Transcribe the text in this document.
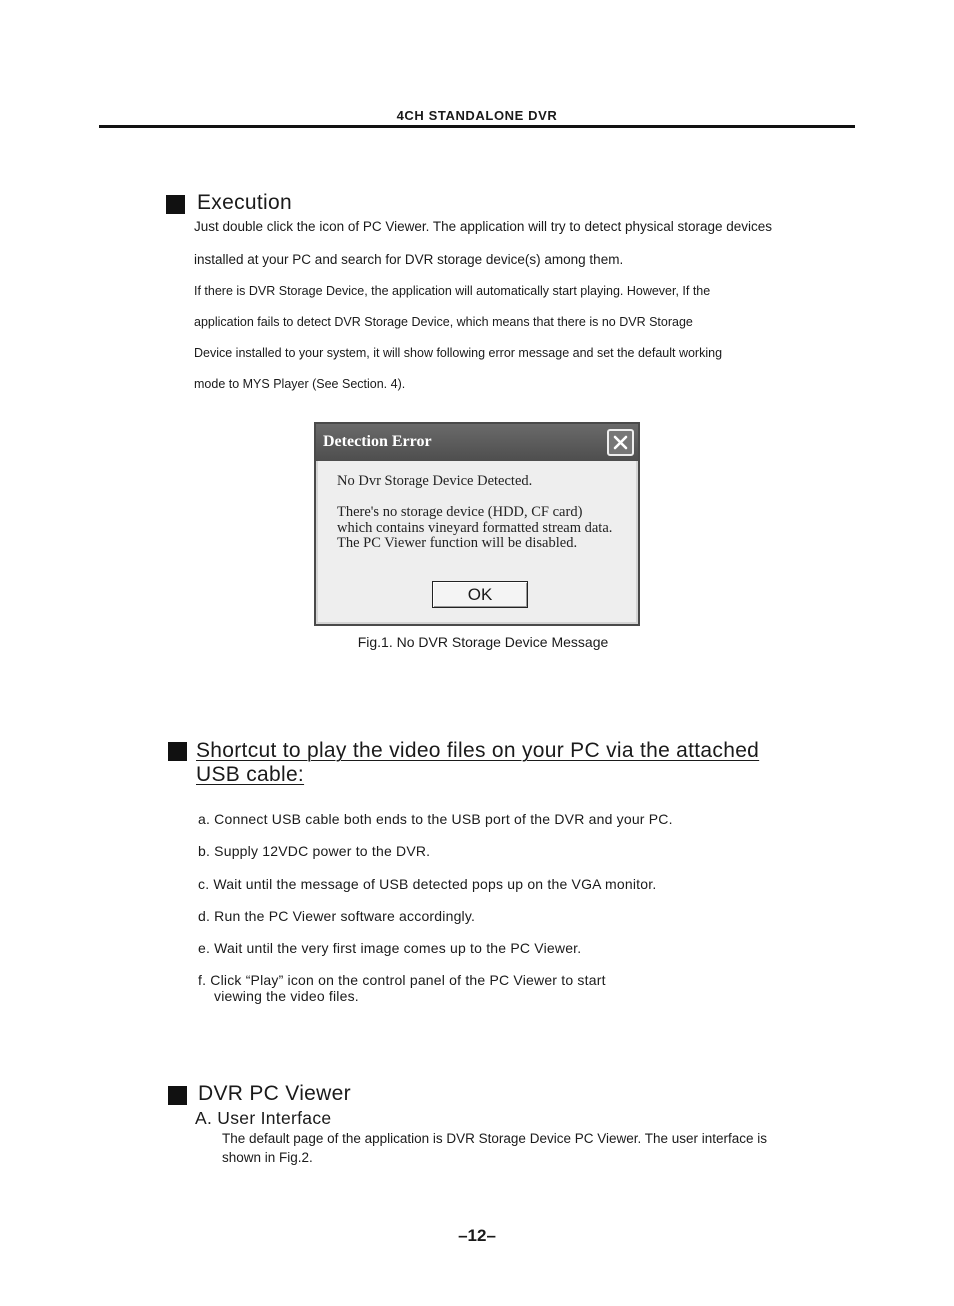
4CH STANDALONE DVR
Execution
Just double click the icon of PC Viewer. The application will try to detect physical storage devices
installed at your PC and search for DVR storage device(s) among them.
If there is DVR Storage Device, the application will automatically start playing. However, If the
application fails to detect DVR Storage Device, which means that there is no DVR Storage
Device installed to your system, it will show following error message and set the default working
mode to MYS Player (See Section. 4).
Detection Error
No Dvr Storage Device Detected.
There's no storage device (HDD, CF card)
which contains vineyard formatted stream data.
The PC Viewer function will be disabled.
OK
Fig.1. No DVR Storage Device Message
Shortcut to play the video files on your PC via the attached
USB cable:
a. Connect USB cable both ends to the USB port of the DVR and your PC.
b. Supply 12VDC power to the DVR.
c. Wait until the message of USB detected pops up on the VGA monitor.
d. Run the PC Viewer software accordingly.
e. Wait until the very first image comes up to the PC Viewer.
f. Click “Play” icon on the control panel of the PC Viewer to start
viewing the video files.
DVR PC Viewer
A. User Interface
The default page of the application is DVR Storage Device PC Viewer. The user interface is
shown in Fig.2.
–12–
